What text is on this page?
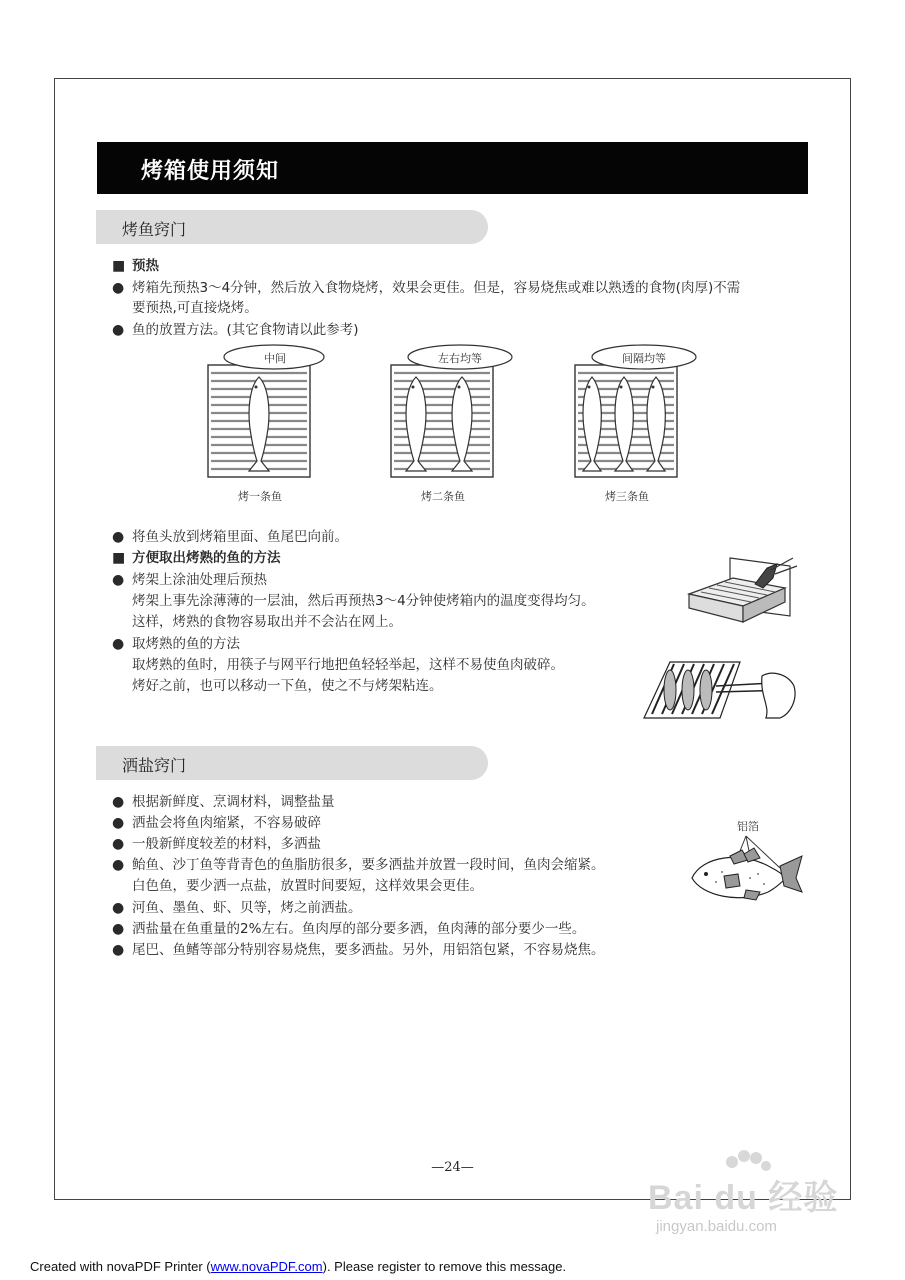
烤箱使用须知
烤鱼窍门
■ 预热
● 烤箱先预热3～4分钟，然后放入食物烧烤，效果会更佳。但是，容易烧焦或难以熟透的食物(肉厚)不需
要预热,可直接烧烤。
● 鱼的放置方法。(其它食物请以此参考)
中间
烤一条鱼
左右均等
烤二条鱼
间隔均等
烤三条鱼
● 将鱼头放到烤箱里面、鱼尾巴向前。
■ 方便取出烤熟的鱼的方法
● 烤架上涂油处理后预热
烤架上事先涂薄薄的一层油，然后再预热3～4分钟使烤箱内的温度变得均匀。
这样，烤熟的食物容易取出并不会沾在网上。
● 取烤熟的鱼的方法
取烤熟的鱼时，用筷子与网平行地把鱼轻轻举起，这样不易使鱼肉破碎。
烤好之前，也可以移动一下鱼，使之不与烤架粘连。
洒盐窍门
● 根据新鲜度、烹调材料，调整盐量
● 洒盐会将鱼肉缩紧，不容易破碎
● 一般新鲜度较差的材料，多洒盐
● 鲐鱼、沙丁鱼等背青色的鱼脂肪很多，要多洒盐并放置一段时间，鱼肉会缩紧。
白色鱼，要少洒一点盐，放置时间要短，这样效果会更佳。
● 河鱼、墨鱼、虾、贝等，烤之前洒盐。
● 洒盐量在鱼重量的2%左右。鱼肉厚的部分要多洒，鱼肉薄的部分要少一些。
● 尾巴、鱼鳍等部分特别容易烧焦，要多洒盐。另外，用铝箔包紧，不容易烧焦。
铝箔
—24—
Bai du 经验
jingyan.baidu.com
Created with novaPDF Printer (www.novaPDF.com). Please register to remove this message.
